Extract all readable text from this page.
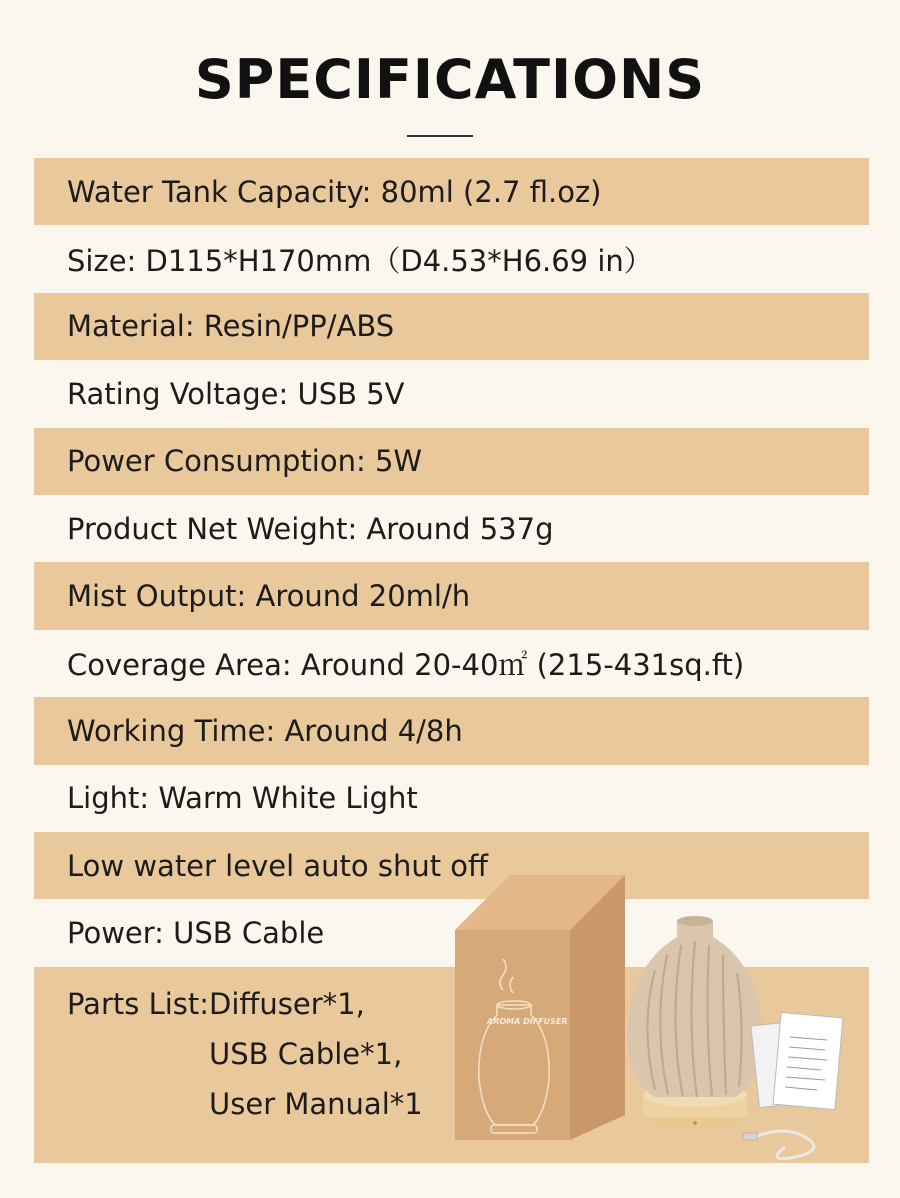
SPECIFICATIONS
Water Tank Capacity: 80ml (2.7 fl.oz)
Size: D115*H170mm（D4.53*H6.69 in）
Material: Resin/PP/ABS
Rating Voltage: USB 5V
Power Consumption: 5W
Product Net Weight: Around 537g
Mist Output: Around 20ml/h
Coverage Area: Around 20-40㎡ (215-431sq.ft)
Working Time: Around 4/8h
Light: Warm White Light
Low water level auto shut off
Power: USB Cable
Parts List: Diffuser*1,
USB Cable*1,
User Manual*1
AROMA DIFFUSER
